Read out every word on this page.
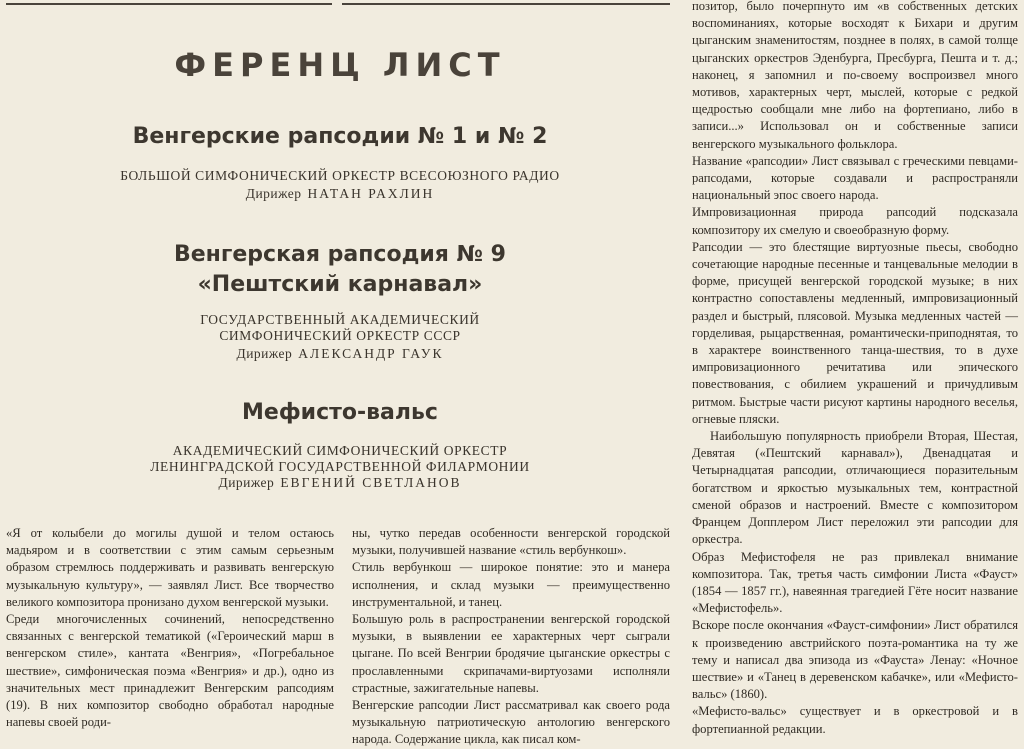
ФЕРЕНЦ ЛИСТ
Венгерские рапсодии № 1 и № 2
БОЛЬШОЙ СИМФОНИЧЕСКИЙ ОРКЕСТР ВСЕСОЮЗНОГО РАДИО
Дирижер НАТАН РАХЛИН
Венгерская рапсодия № 9
«Пештский карнавал»
ГОСУДАРСТВЕННЫЙ АКАДЕМИЧЕСКИЙ
СИМФОНИЧЕСКИЙ ОРКЕСТР СССР
Дирижер АЛЕКСАНДР ГАУК
Мефисто-вальс
АКАДЕМИЧЕСКИЙ СИМФОНИЧЕСКИЙ ОРКЕСТР
ЛЕНИНГРАДСКОЙ ГОСУДАРСТВЕННОЙ ФИЛАРМОНИИ
Дирижер ЕВГЕНИЙ СВЕТЛАНОВ

«Я от колыбели до могилы душой и телом остаюсь мадьяром и в соответствии с этим самым серьезным образом стремлюсь поддерживать и развивать венгерскую музыкальную культуру», — заявлял Лист. Все творчество великого композитора пронизано духом венгерской музыки.

Среди многочисленных сочинений, непосредственно связанных с венгерской тематикой («Героический марш в венгерском стиле», кантата «Венгрия», «Погребальное шествие», симфоническая поэма «Венгрия» и др.), одно из значительных мест принадлежит Венгерским рапсодиям (19). В них композитор свободно обработал народные напевы своей роди-

ны, чутко передав особенности венгерской городской музыки, получившей название «стиль вербункош».

Стиль вербункош — широкое понятие: это и манера исполнения, и склад музыки — преимущественно инструментальной, и танец.

Большую роль в распространении венгерской городской музыки, в выявлении ее характерных черт сыграли цыгане. По всей Венгрии бродячие цыганские оркестры с прославленными скрипачами-виртуозами исполняли страстные, зажигательные напевы.

Венгерские рапсодии Лист рассматривал как своего рода музыкальную патриотическую антологию венгерского народа. Содержание цикла, как писал ком-

позитор, было почерпнуто им «в собственных детских воспоминаниях, которые восходят к Бихари и другим цыганским знаменитостям, позднее в полях, в самой толще цыганских оркестров Эденбурга, Пресбурга, Пешта и т. д.; наконец, я запомнил и по-своему воспроизвел много мотивов, характерных черт, мыслей, которые с редкой щедростью сообщали мне либо на фортепиано, либо в записи...» Использовал он и собственные записи венгерского музыкального фольклора.

Название «рапсодии» Лист связывал с греческими певцами-рапсодами, которые создавали и распространяли национальный эпос своего народа.

Импровизационная природа рапсодий подсказала композитору их смелую и своеобразную форму.

Рапсодии — это блестящие виртуозные пьесы, свободно сочетающие народные песенные и танцевальные мелодии в форме, присущей венгерской городской музыке; в них контрастно сопоставлены медленный, импровизационный раздел и быстрый, плясовой. Музыка медленных частей — горделивая, рыцарственная, романтически-приподнятая, то в характере воинственного танца-шествия, то в духе импровизационного речитатива или эпического повествования, с обилием украшений и причудливым ритмом. Быстрые части рисуют картины народного веселья, огневые пляски.

Наибольшую популярность приобрели Вторая, Шестая, Девятая («Пештский карнавал»), Двенадцатая и Четырнадцатая рапсодии, отличающиеся поразительным богатством и яркостью музыкальных тем, контрастной сменой образов и настроений. Вместе с композитором Францем Допплером Лист переложил эти рапсодии для оркестра.

Образ Мефистофеля не раз привлекал внимание композитора. Так, третья часть симфонии Листа «Фауст» (1854 — 1857 гг.), навеянная трагедией Гёте носит название «Мефистофель».

Вскоре после окончания «Фауст-симфонии» Лист обратился к произведению австрийского поэта-романтика на ту же тему и написал два эпизода из «Фауста» Ленау: «Ночное шествие» и «Танец в деревенском кабачке», или «Мефисто-вальс» (1860).

«Мефисто-вальс» существует и в оркестровой и в фортепианной редакции.
